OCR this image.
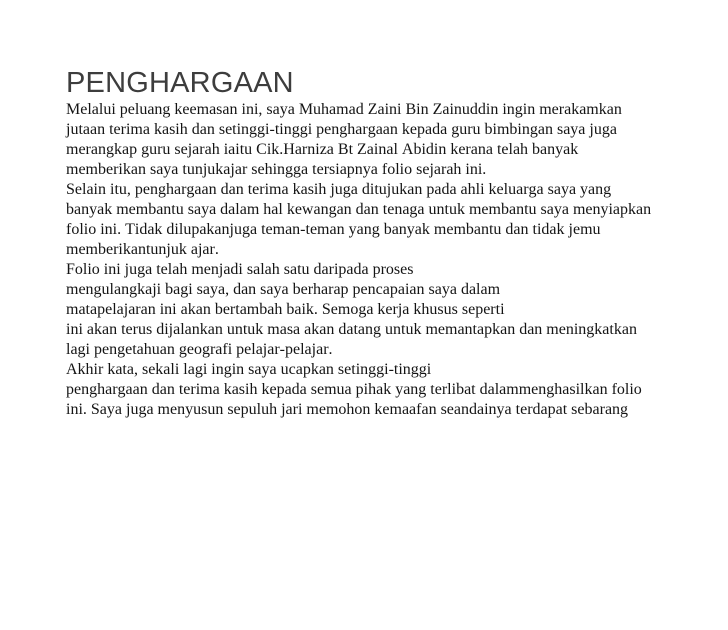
PENGHARGAAN

Melalui peluang keemasan ini, saya Muhamad Zaini Bin Zainuddin ingin merakamkan jutaan terima kasih dan setinggi-tinggi penghargaan kepada guru bimbingan saya juga merangkap guru sejarah iaitu Cik.Harniza Bt Zainal Abidin kerana telah banyak memberikan saya tunjukajar sehingga tersiapnya folio sejarah ini.

Selain itu, penghargaan dan terima kasih juga ditujukan pada ahli keluarga saya yang banyak membantu saya dalam hal kewangan dan tenaga untuk membantu saya menyiapkan folio ini. Tidak dilupakanjuga teman-teman yang banyak membantu dan tidak jemu memberikantunjuk ajar.

Folio ini juga telah menjadi salah satu daripada proses

mengulangkaji bagi saya, dan saya berharap pencapaian saya dalam

matapelajaran ini akan bertambah baik. Semoga kerja khusus seperti

ini akan terus dijalankan untuk masa akan datang untuk memantapkan dan meningkatkan lagi pengetahuan geografi pelajar-pelajar.

Akhir kata, sekali lagi ingin saya ucapkan setinggi-tinggi

penghargaan dan terima kasih kepada semua pihak yang terlibat dalammenghasilkan folio ini. Saya juga menyusun sepuluh jari memohon kemaafan seandainya terdapat sebarang
